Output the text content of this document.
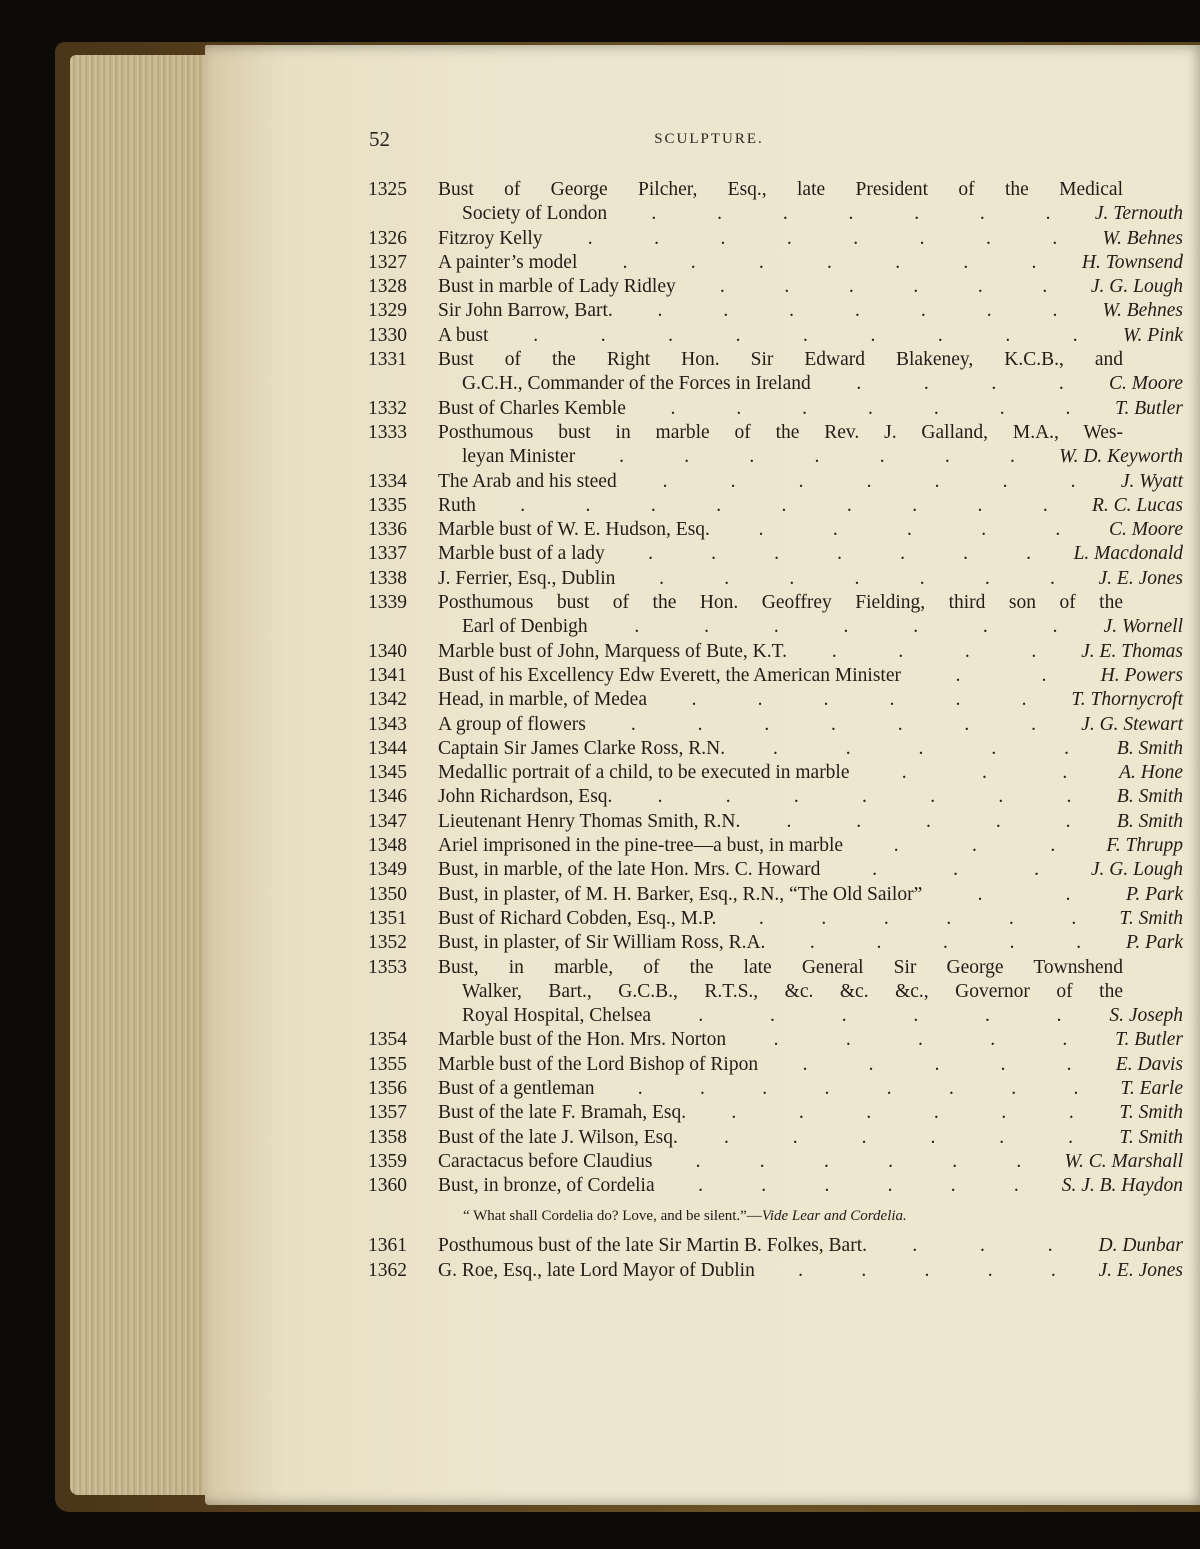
52	SCULPTURE.
1325	Bust of George Pilcher, Esq., late President of the Medical
Society of London	J. Ternouth
.	.	.	.	.	.	.
1326	Fitzroy Kelly	W. Behnes
.	.	.	.	.	.	.	.
1327	A painter’s model	H. Townsend
.	.	.	.	.	.	.
1328	Bust in marble of Lady Ridley	J. G. Lough
.	.	.	.	.	.
1329	Sir John Barrow, Bart.	W. Behnes
.	.	.	.	.	.	.
1330	A bust	W. Pink
.	.	.	.	.	.	.	.	.
1331	Bust of the Right Hon. Sir Edward Blakeney, K.C.B., and
G.C.H., Commander of the Forces in Ireland	C. Moore
.	.	.	.
1332	Bust of Charles Kemble	T. Butler
.	.	.	.	.	.	.
1333	Posthumous bust in marble of the Rev. J. Galland, M.A., Wes-
leyan Minister	W. D. Keyworth
.	.	.	.	.	.	.
1334	The Arab and his steed	J. Wyatt
.	.	.	.	.	.	.
1335	Ruth	R. C. Lucas
.	.	.	.	.	.	.	.	.
1336	Marble bust of W. E. Hudson, Esq.	C. Moore
.	.	.	.	.
1337	Marble bust of a lady	L. Macdonald
.	.	.	.	.	.	.
1338	J. Ferrier, Esq., Dublin	J. E. Jones
.	.	.	.	.	.	.
1339	Posthumous bust of the Hon. Geoffrey Fielding, third son of the
Earl of Denbigh	J. Wornell
.	.	.	.	.	.	.
1340	Marble bust of John, Marquess of Bute, K.T.	J. E. Thomas
.	.	.	.
1341	Bust of his Excellency Edw Everett, the American Minister	H. Powers
.	.
1342	Head, in marble, of Medea	T. Thornycroft
.	.	.	.	.	.
1343	A group of flowers	J. G. Stewart
.	.	.	.	.	.	.
1344	Captain Sir James Clarke Ross, R.N.	B. Smith
.	.	.	.	.
1345	Medallic portrait of a child, to be executed in marble	A. Hone
.	.	.
1346	John Richardson, Esq.	B. Smith
.	.	.	.	.	.	.
1347	Lieutenant Henry Thomas Smith, R.N.	B. Smith
.	.	.	.	.
1348	Ariel imprisoned in the pine-tree—a bust, in marble	F. Thrupp
.	.	.
1349	Bust, in marble, of the late Hon. Mrs. C. Howard	J. G. Lough
.	.	.
1350	Bust, in plaster, of M. H. Barker, Esq., R.N., “The Old Sailor”	P. Park
.	.
1351	Bust of Richard Cobden, Esq., M.P.	T. Smith
.	.	.	.	.	.
1352	Bust, in plaster, of Sir William Ross, R.A.	P. Park
.	.	.	.	.
1353	Bust, in marble, of the late General Sir George Townshend
Walker, Bart., G.C.B., R.T.S., &c. &c. &c., Governor of the
Royal Hospital, Chelsea	S. Joseph
.	.	.	.	.	.
1354	Marble bust of the Hon. Mrs. Norton	T. Butler
.	.	.	.	.
1355	Marble bust of the Lord Bishop of Ripon	E. Davis
.	.	.	.	.
1356	Bust of a gentleman	T. Earle
.	.	.	.	.	.	.	.
1357	Bust of the late F. Bramah, Esq.	T. Smith
.	.	.	.	.	.
1358	Bust of the late J. Wilson, Esq.	T. Smith
.	.	.	.	.	.
1359	Caractacus before Claudius	W. C. Marshall
.	.	.	.	.	.
1360	Bust, in bronze, of Cordelia	S. J. B. Haydon
.	.	.	.	.	.
“ What shall Cordelia do? Love, and be silent.”—Vide Lear and Cordelia.
1361	Posthumous bust of the late Sir Martin B. Folkes, Bart.	D. Dunbar
.	.	.
1362	G. Roe, Esq., late Lord Mayor of Dublin	J. E. Jones
.	.	.	.	.
